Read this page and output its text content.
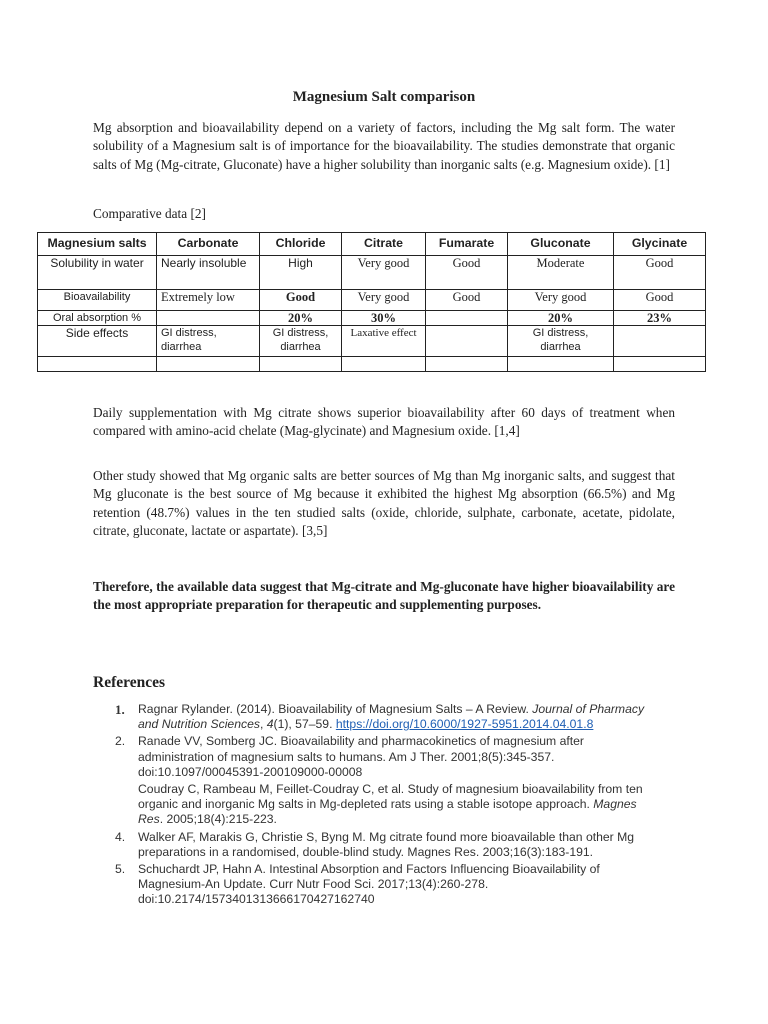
Magnesium Salt comparison

Mg absorption and bioavailability depend on a variety of factors, including the Mg salt form. The water solubility of a Magnesium salt is of importance for the bioavailability. The studies demonstrate that organic salts of Mg (Mg-citrate, Gluconate) have a higher solubility than inorganic salts (e.g. Magnesium oxide). [1]

Comparative data [2]

Magnesium salts	Carbonate	Chloride	Citrate	Fumarate	Gluconate	Glycinate
Solubility in water	Nearly insoluble	High	Very good	Good	Moderate	Good
Bioavailability	Extremely low	Good	Very good	Good	Very good	Good
Oral absorption %		20%	30%		20%	23%
Side effects	GI distress, diarrhea	GI distress, diarrhea	Laxative effect		GI distress, diarrhea	

Daily supplementation with Mg citrate shows superior bioavailability after 60 days of treatment when compared with amino-acid chelate (Mag-glycinate) and Magnesium oxide. [1,4]

Other study showed that Mg organic salts are better sources of Mg than Mg inorganic salts, and suggest that Mg gluconate is the best source of Mg because it exhibited the highest Mg absorption (66.5%) and Mg retention (48.7%) values in the ten studied salts (oxide, chloride, sulphate, carbonate, acetate, pidolate, citrate, gluconate, lactate or aspartate). [3,5]

Therefore, the available data suggest that Mg-citrate and Mg-gluconate have higher bioavailability are the most appropriate preparation for therapeutic and supplementing purposes.

References
1. Ragnar Rylander. (2014). Bioavailability of Magnesium Salts – A Review. Journal of Pharmacy and Nutrition Sciences, 4(1), 57–59. https://doi.org/10.6000/1927-5951.2014.04.01.8
2. Ranade VV, Somberg JC. Bioavailability and pharmacokinetics of magnesium after administration of magnesium salts to humans. Am J Ther. 2001;8(5):345-357. doi:10.1097/00045391-200109000-00008
Coudray C, Rambeau M, Feillet-Coudray C, et al. Study of magnesium bioavailability from ten organic and inorganic Mg salts in Mg-depleted rats using a stable isotope approach. Magnes Res. 2005;18(4):215-223.
4. Walker AF, Marakis G, Christie S, Byng M. Mg citrate found more bioavailable than other Mg preparations in a randomised, double-blind study. Magnes Res. 2003;16(3):183-191.
5. Schuchardt JP, Hahn A. Intestinal Absorption and Factors Influencing Bioavailability of Magnesium-An Update. Curr Nutr Food Sci. 2017;13(4):260-278. doi:10.2174/1573401313666170427162740
